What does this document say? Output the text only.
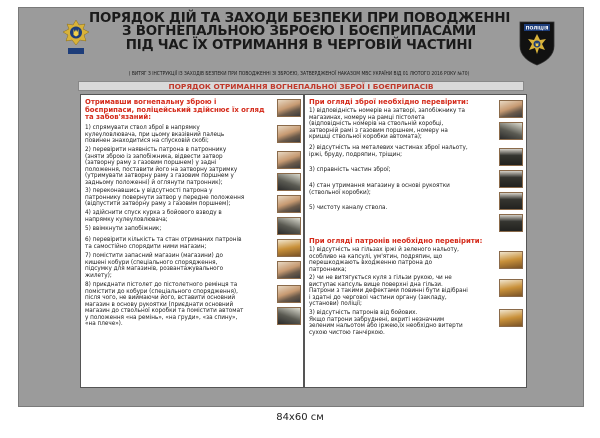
ПОРЯДОК ДІЙ ТА ЗАХОДИ БЕЗПЕКИ ПРИ ПОВОДЖЕННІ
З ВОГНЕПАЛЬНОЮ ЗБРОЄЮ І БОЄПРИПАСАМИ
ПІД ЧАС ЇХ ОТРИМАННЯ В ЧЕРГОВІЙ ЧАСТИНІ
ПОЛІЦІЯ
( ВИТЯГ З ІНСТРУКЦІЇ ІЗ ЗАХОДІВ БЕЗПЕКИ ПРИ ПОВОДЖЕННІ ЗІ ЗБРОЄЮ, ЗАТВЕРДЖЕНОЇ НАКАЗОМ МВС УКРАЇНИ ВІД 01 ЛЮТОГО 2016 РОКУ №70)
ПОРЯДОК ОТРИМАННЯ ВОГНЕПАЛЬНОЇ ЗБРОЇ І БОЄПРИПАСІВ
Отримавши вогнепальну зброю і
боєприпаси, поліцейський здійснює їх огляд
та забов'язаний:
1) спрямувати ствол зброї в напрямку
кулеуловлювача, при цьому вказівний палець
повинен знаходитися на спусковій скобі;
2) перевірити наявність патрона в патроннику
(зняти зброю із запобіжника, відвести затвор
(затворну раму з газовим поршнем) у задні
положення, поставити його на затворну затримку
(утримувати затворну раму з газовим поршнем у
задньому положенні) й оглянути патронник);
3) переконавшись у відсутності патрона у
патроннику повернути затвор у передне положення
(відпустити затворну раму з газовим поршнем);
4) здійснити спуск курка з бойового взводу в
напрямку кулеуловлювача;
5) ввімкнути запобіжник;
6) перевірити кількість та стан отриманих патронів
та самостійно спорядити ними магазин;
7) помістити запасний магазин (магазини) до
кишені кобури (спеціального спорядження,
підсумку для магазинів, розвантажувального
жилету);
8) приєднати пістолет до пістолетного ремінця та
помістити до кобури (спеціального спорядження),
після чого, не виймаючи його, вставити основний
магазин в основу рукоятки (приєднати основний
магазин до ствольної коробки та помістити автомат
у положення «на ремінь», «на груди», «за спину»,
«на плече»).
При огляді зброї необхідно перевірити:
1) відповідність номерів на затворі, запобіжнику та
магазинах, номеру на рамці пістолета
(відповідність номерів на ствольній коробці,
затворній рамі з газовим поршнем, номеру на
кришці ствольної коробки автомата);
2) відсутність на металевих частинах зброї нальоту,
іржі, бруду, подряпин, тріщин;
3) справність частин зброї;
4) стан утримання магазину в основі рукоятки
(ствольної коробки);
5) чистоту каналу ствола.
При огляді патронів необхідно перевірити:
1) відсутність на гільзах іржі й зеленого нальоту,
особливо на капсулі, ум'ятин, подряпин, що
перешкоджають входженню патрона до
патронника;
2) чи не витягується куля з гільзи рукою, чи не
виступає капсуль вище поверхні дна гільзи.
Патрони з такими дефектами повинні бути відібрані
і здатні до черговоі частини органу (закладу,
установи) поліції;
3) відсутність патронів від бойових.
Якщо патрони забруднені, вкриті незначним
зеленим нальотом або іржею,їх необхідно витерти
сухою чистою ганчіркою.
84х60 см
